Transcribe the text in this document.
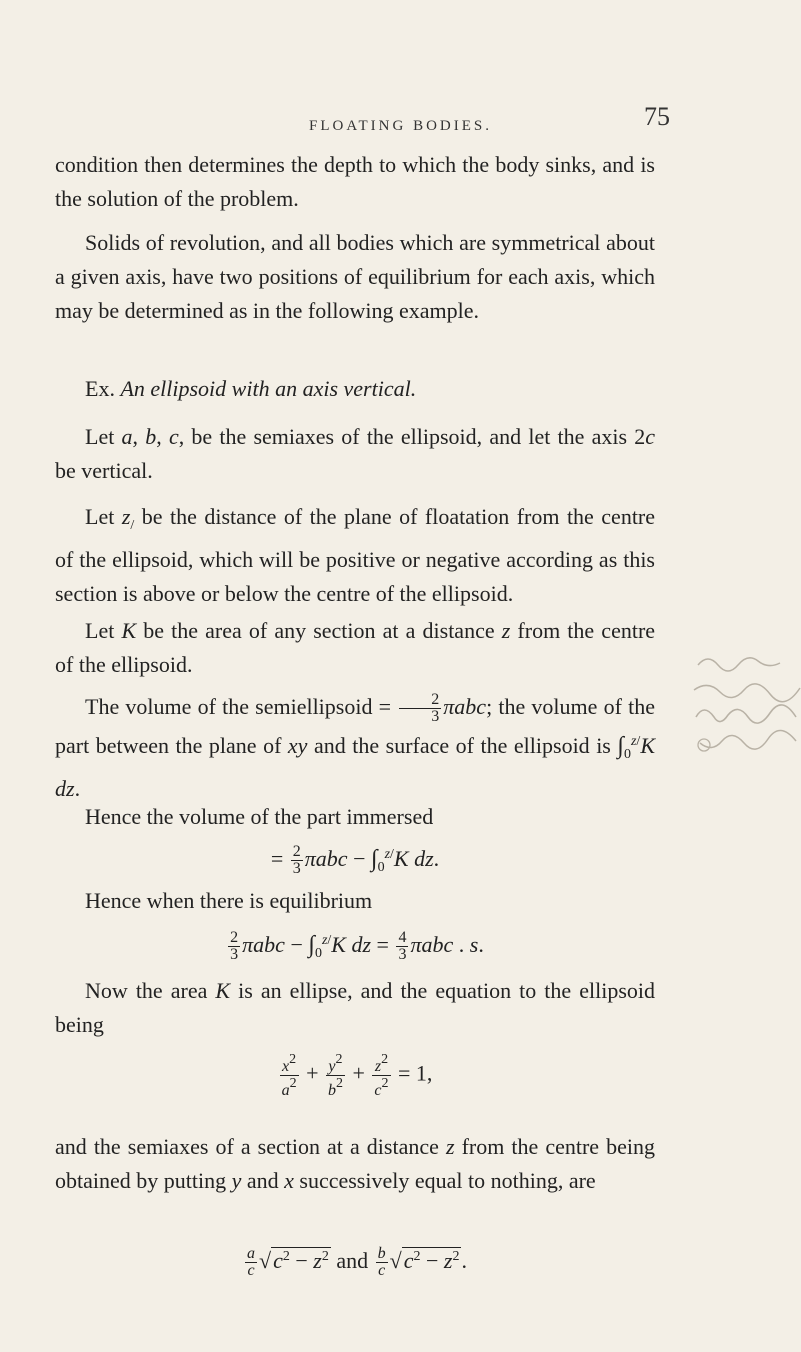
FLOATING BODIES.	75
condition then determines the depth to which the body sinks, and is the solution of the problem.
Solids of revolution, and all bodies which are symmetrical about a given axis, have two positions of equilibrium for each axis, which may be determined as in the following example.
Ex. An ellipsoid with an axis vertical.
Let a, b, c, be the semiaxes of the ellipsoid, and let the axis 2c be vertical.
Let $z_/$ be the distance of the plane of floatation from the centre of the ellipsoid, which will be positive or negative according as this section is above or below the centre of the ellipsoid.
Let K be the area of any section at a distance z from the centre of the ellipsoid.
The volume of the semiellipsoid = $\frac{2}{3} \pi abc$; the volume of the part between the plane of xy and the surface of the ellipsoid is $\int_0^{z/}K$ dz.
Hence the volume of the part immersed
= $\frac{2}{3}$ $\pi abc - \int_0^{z/}K$ dz.
Hence when there is equilibrium
$\frac{2}{3}$ $\pi abc - \int_0^{z/}K$ dz = $\frac{4}{3}$ πabc . s.
Now the area K is an ellipse, and the equation to the ellipsoid being
$\frac{x2}{a2} + \frac{y2}{b2} + \frac{z2}{c2} = 1$,
and the semiaxes of a section at a distance z from the centre being obtained by putting y and x successively equal to nothing, are
$\frac{a}{c} √c^2 - z^2$ and $\frac{b}{c} √c^2 - z^2$.
